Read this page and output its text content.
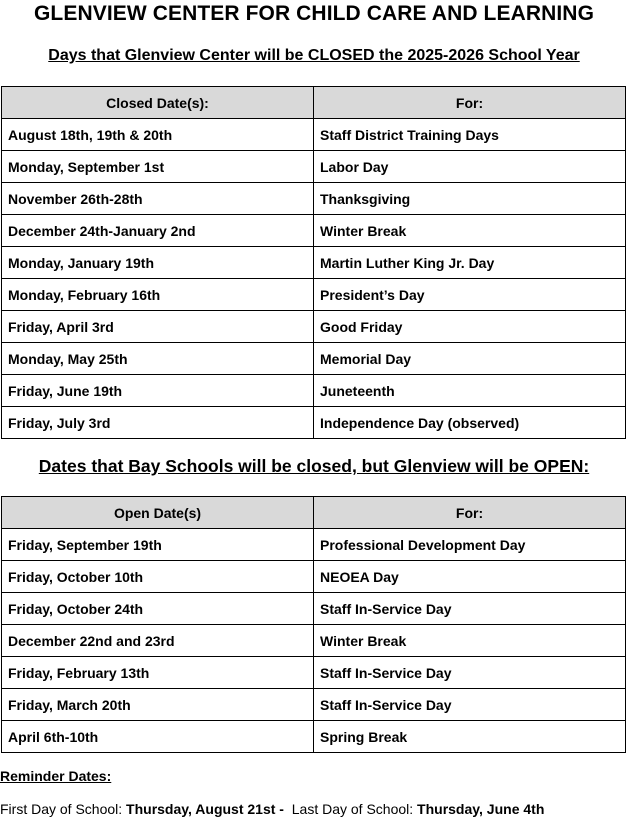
GLENVIEW CENTER FOR CHILD CARE AND LEARNING
Days that Glenview Center will be CLOSED the 2025-2026 School Year
Closed Date(s):	For:
August 18th, 19th & 20th	Staff District Training Days
Monday, September 1st	Labor Day
November 26th-28th	Thanksgiving
December 24th-January 2nd	Winter Break
Monday, January 19th	Martin Luther King Jr. Day
Monday, February 16th	President’s Day
Friday, April 3rd	Good Friday
Monday, May 25th	Memorial Day
Friday, June 19th	Juneteenth
Friday, July 3rd	Independence Day (observed)
Dates that Bay Schools will be closed, but Glenview will be OPEN:
Open Date(s)	For:
Friday, September 19th	Professional Development Day
Friday, October 10th	NEOEA Day
Friday, October 24th	Staff In-Service Day
December 22nd and 23rd	Winter Break
Friday, February 13th	Staff In-Service Day
Friday, March 20th	Staff In-Service Day
April 6th-10th	Spring Break
Reminder Dates:
First Day of School: Thursday, August 21st - Last Day of School: Thursday, June 4th
